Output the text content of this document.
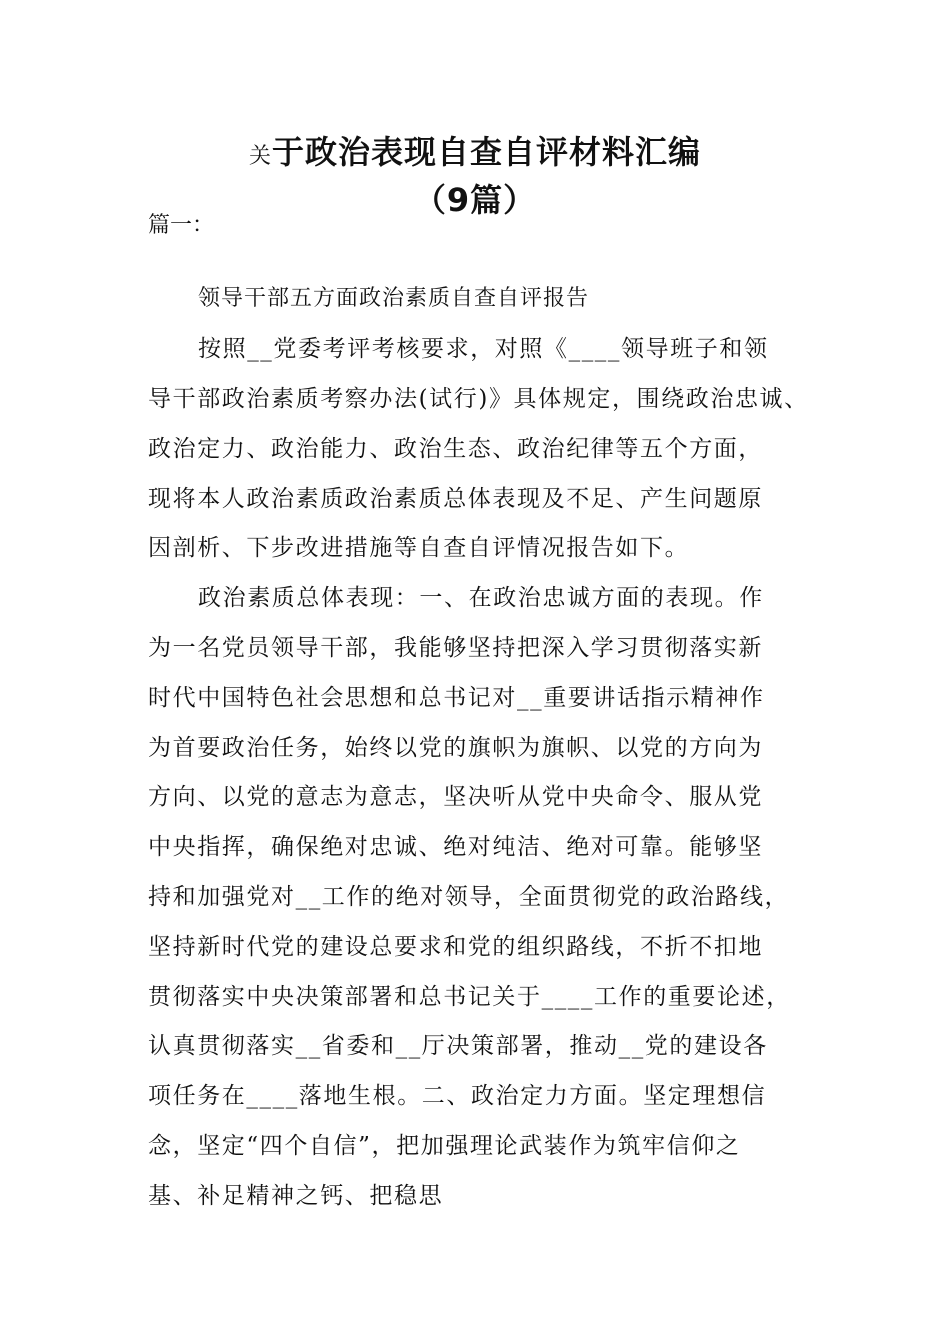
关于政治表现自查自评材料汇编
（9篇）
篇一：
领导干部五方面政治素质自查自评报告
按照__党委考评考核要求，对照《____领导班子和领
导干部政治素质考察办法(试行)》具体规定，围绕政治忠诚、
政治定力、政治能力、政治生态、政治纪律等五个方面，
现将本人政治素质政治素质总体表现及不足、产生问题原
因剖析、下步改进措施等自查自评情况报告如下。
政治素质总体表现：一、在政治忠诚方面的表现。作
为一名党员领导干部，我能够坚持把深入学习贯彻落实新
时代中国特色社会思想和总书记对__重要讲话指示精神作
为首要政治任务，始终以党的旗帜为旗帜、以党的方向为
方向、以党的意志为意志，坚决听从党中央命令、服从党
中央指挥，确保绝对忠诚、绝对纯洁、绝对可靠。能够坚
持和加强党对__工作的绝对领导，全面贯彻党的政治路线，
坚持新时代党的建设总要求和党的组织路线，不折不扣地
贯彻落实中央决策部署和总书记关于____工作的重要论述，
认真贯彻落实__省委和__厅决策部署，推动__党的建设各
项任务在____落地生根。二、政治定力方面。坚定理想信
念，坚定“四个自信”，把加强理论武装作为筑牢信仰之
基、补足精神之钙、把稳思
